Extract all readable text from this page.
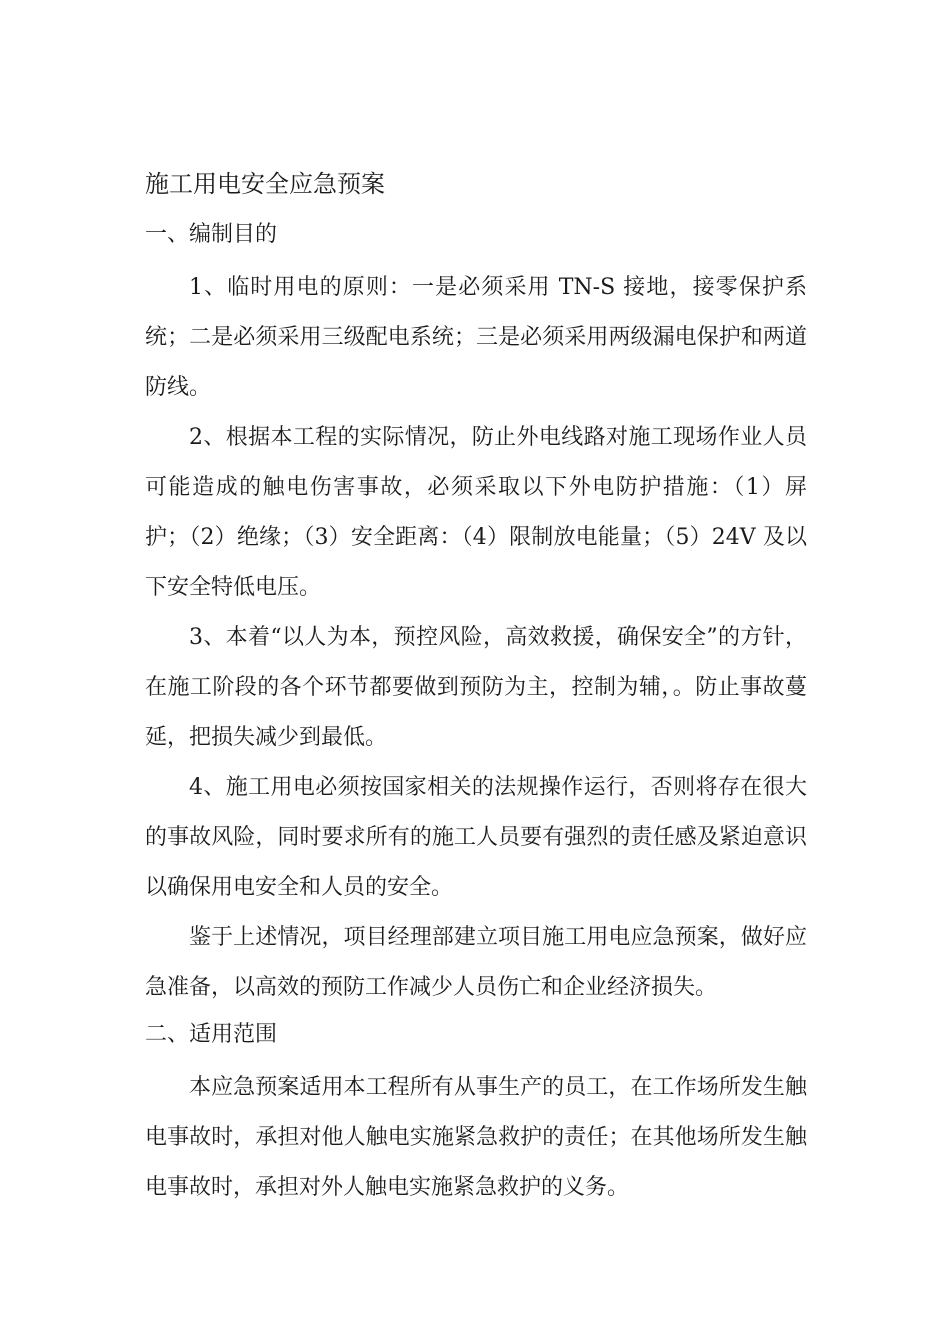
施工用电安全应急预案
一、编制目的

1、临时用电的原则：一是必须采用 TN-S 接地，接零保护系统；二是必须采用三级配电系统；三是必须采用两级漏电保护和两道防线。

2、根据本工程的实际情况，防止外电线路对施工现场作业人员可能造成的触电伤害事故，必须采取以下外电防护措施：（1）屏护；（2）绝缘；（3）安全距离：（4）限制放电能量；（5）24V 及以下安全特低电压。

3、本着“以人为本，预控风险，高效救援，确保安全”的方针，在施工阶段的各个环节都要做到预防为主，控制为辅，。防止事故蔓延，把损失减少到最低。

4、施工用电必须按国家相关的法规操作运行，否则将存在很大的事故风险，同时要求所有的施工人员要有强烈的责任感及紧迫意识以确保用电安全和人员的安全。

鉴于上述情况，项目经理部建立项目施工用电应急预案，做好应急准备，以高效的预防工作减少人员伤亡和企业经济损失。

二、适用范围

本应急预案适用本工程所有从事生产的员工，在工作场所发生触电事故时，承担对他人触电实施紧急救护的责任；在其他场所发生触电事故时，承担对外人触电实施紧急救护的义务。
